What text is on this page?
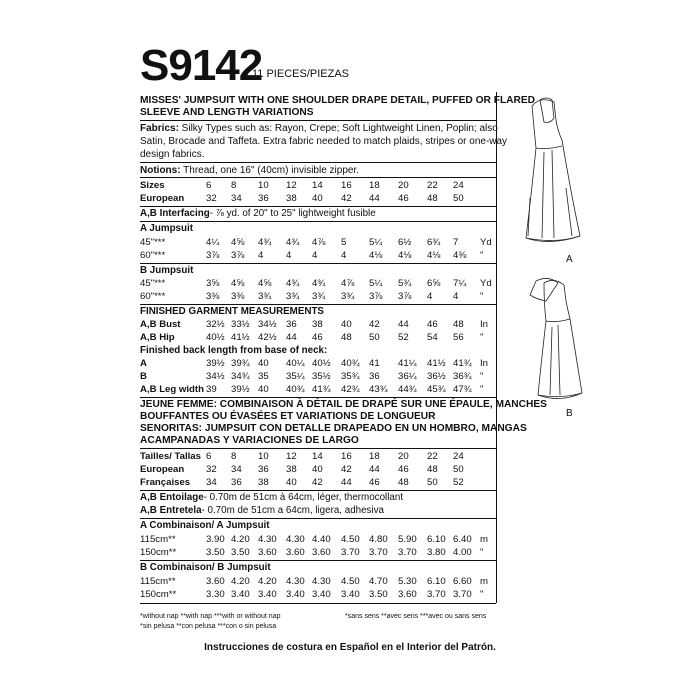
S9142
11 PIECES/PIEZAS
MISSES' JUMPSUIT WITH ONE SHOULDER DRAPE DETAIL, PUFFED OR FLARED
SLEEVE AND LENGTH VARIATIONS
Fabrics: Silky Types such as: Rayon, Crepe; Soft Lightweight Linen, Poplin; also
Satin, Brocade and Taffeta. Extra fabric needed to match plaids, stripes or one-way
design fabrics.
Notions: Thread, one 16" (40cm) invisible zipper.
Sizes	6 8 10 12 14 16 18 20 22 24
European 32 34 36 38 40 42 44 46 48 50
A,B Interfacing- ⅞ yd. of 20" to 25" lightweight fusible
A Jumpsuit
45"***	4¼ 4⅝ 4¾ 4¾ 4⅞ 5 5¼ 6½ 6¾ 7 Yd
60"***	3⅞ 3⅞ 4 4 4 4 4⅛ 4⅛ 4⅛ 4⅜ "
B Jumpsuit
45"***	3⅝ 4⅝ 4⅝ 4¾ 4¾ 4⅞ 5¼ 5¾ 6⅝ 7¼ Yd
60"***	3⅜ 3⅜ 3¾ 3¾ 3¾ 3¾ 3⅞ 3⅞ 4 4 "
FINISHED GARMENT MEASUREMENTS
A,B Bust	32½ 33½ 34½ 36 38 40 42 44 46 48 In
A,B Hip	40½ 41½ 42½ 44 46 48 50 52 54 56 "
Finished back length from base of neck:
A	39½ 39¾ 40 40¼ 40½ 40¾ 41 41¼ 41½ 41¾ In
B	34½ 34¾ 35 35¼ 35½ 35¾ 36 36¼ 36½ 36¾ "
A,B Leg width 39 39½ 40 40¾ 41¾ 42¾ 43¾ 44¾ 45¾ 47¾ "
JEUNE FEMME: COMBINAISON À DÉTAIL DE DRAPÉ SUR UNE ÉPAULE, MANCHES
BOUFFANTES OU ÉVASÉES ET VARIATIONS DE LONGUEUR
SENORITAS: JUMPSUIT CON DETALLE DRAPEADO EN UN HOMBRO, MANGAS
ACAMPANADAS Y VARIACIONES DE LARGO
Tailles/ Tallas 6 8 10 12 14 16 18 20 22 24
European 32 34 36 38 40 42 44 46 48 50
Françaises 34 36 38 40 42 44 46 48 50 52
A,B Entoilage- 0.70m de 51cm à 64cm, léger, thermocollant
A,B Entretela- 0.70m de 51cm a 64cm, ligera, adhesiva
A Combinaison/ A Jumpsuit
115cm**	3.90 4.20 4.30 4.30 4.40 4.50 4.80 5.90 6.10 6.40 m
150cm**	3.50 3.50 3.60 3.60 3.60 3.70 3.70 3.70 3.80 4.00 "
B Combinaison/ B Jumpsuit
115cm**	3.60 4.20 4.20 4.30 4.30 4.50 4.70 5.30 6.10 6.60 m
150cm**	3.30 3.40 3.40 3.40 3.40 3.40 3.50 3.60 3.70 3.70 "
A
B
*without nap **with nap ***with or without nap
*sin pelusa **con pelusa ***con o sin pelusa
*sans sens **avec sens ***avec ou sans sens
Instrucciones de costura en Español en el Interior del Patrón.
